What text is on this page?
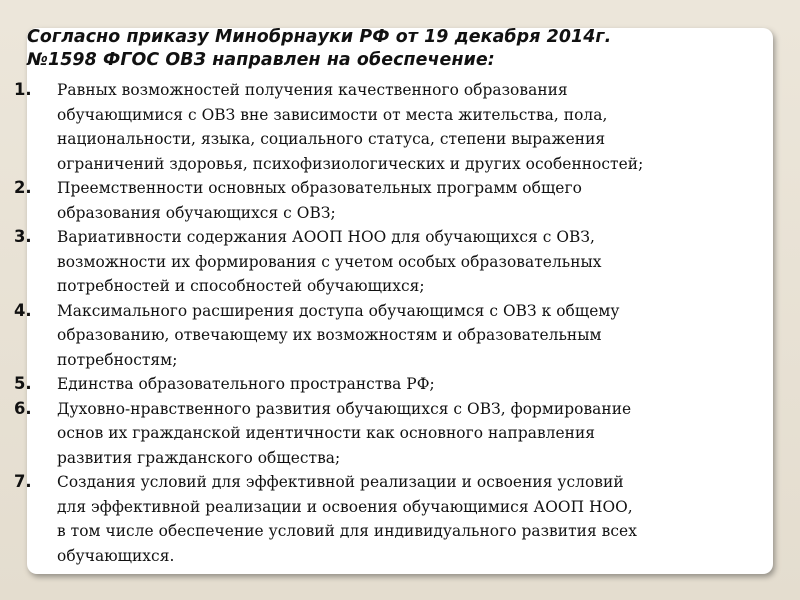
Согласно приказу Минобрнауки РФ от 19 декабря 2014г.
№1598 ФГОС ОВЗ направлен на обеспечение:
1. Равных возможностей получения качественного образования
обучающимися с ОВЗ вне зависимости от места жительства, пола,
национальности, языка, социального статуса, степени выражения
ограничений здоровья, психофизиологических и других особенностей;
2. Преемственности основных образовательных программ общего
образования обучающихся с ОВЗ;
3. Вариативности содержания АООП НОО для обучающихся с ОВЗ,
возможности их формирования с учетом особых образовательных
потребностей и способностей обучающихся;
4. Максимального расширения доступа обучающимся с ОВЗ к общему
образованию, отвечающему их возможностям и образовательным
потребностям;
5. Единства образовательного пространства РФ;
6. Духовно-нравственного развития обучающихся с ОВЗ, формирование
основ их гражданской идентичности как основного направления
развития гражданского общества;
7. Создания условий для эффективной реализации и освоения условий
для эффективной реализации и освоения обучающимися АООП НОО,
в том числе обеспечение условий для индивидуального развития всех
обучающихся.
